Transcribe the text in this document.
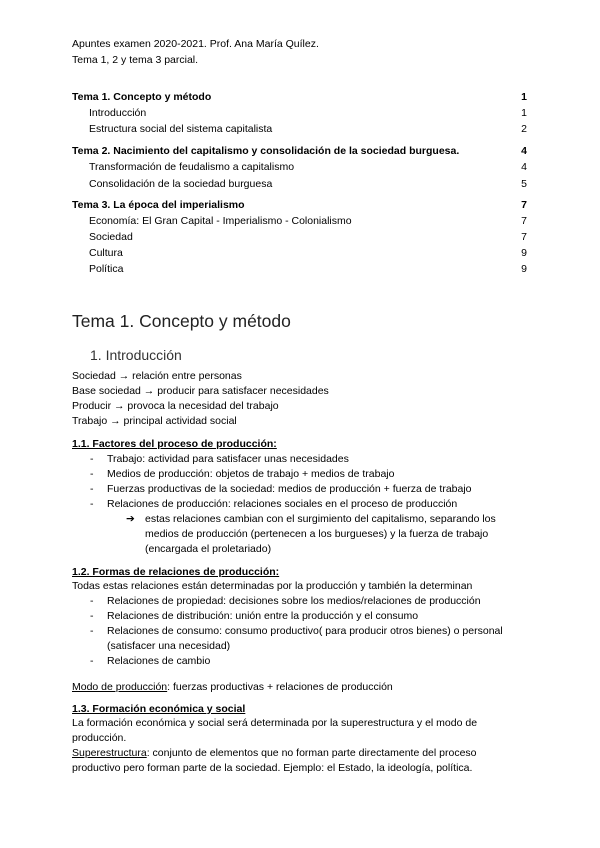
Apuntes examen 2020-2021. Prof. Ana María Quílez.
Tema 1, 2 y tema 3 parcial.
Tema 1. Concepto y método	1
Introducción	1
Estructura social del sistema capitalista	2
Tema 2. Nacimiento del capitalismo y consolidación de la sociedad burguesa.	4
Transformación de feudalismo a capitalismo	4
Consolidación de la sociedad burguesa	5
Tema 3. La época del imperialismo	7
Economía: El Gran Capital - Imperialismo - Colonialismo	7
Sociedad	7
Cultura	9
Política	9
Tema 1. Concepto y método
1. Introducción
Sociedad → relación entre personas
Base sociedad → producir para satisfacer necesidades
Producir → provoca la necesidad del trabajo
Trabajo → principal actividad social
1.1. Factores del proceso de producción:
- Trabajo: actividad para satisfacer unas necesidades
- Medios de producción: objetos de trabajo + medios de trabajo
- Fuerzas productivas de la sociedad: medios de producción + fuerza de trabajo
- Relaciones de producción: relaciones sociales en el proceso de producción
➔ estas relaciones cambian con el surgimiento del capitalismo, separando los
medios de producción (pertenecen a los burgueses) y la fuerza de trabajo
(encargada el proletariado)
1.2. Formas de relaciones de producción:
Todas estas relaciones están determinadas por la producción y también la determinan
- Relaciones de propiedad: decisiones sobre los medios/relaciones de producción
- Relaciones de distribución: unión entre la producción y el consumo
- Relaciones de consumo: consumo productivo( para producir otros bienes) o personal
(satisfacer una necesidad)
- Relaciones de cambio
Modo de producción: fuerzas productivas + relaciones de producción
1.3. Formación económica y social
La formación económica y social será determinada por la superestructura y el modo de
producción.
Superestructura: conjunto de elementos que no forman parte directamente del proceso
productivo pero forman parte de la sociedad. Ejemplo: el Estado, la ideología, política.
